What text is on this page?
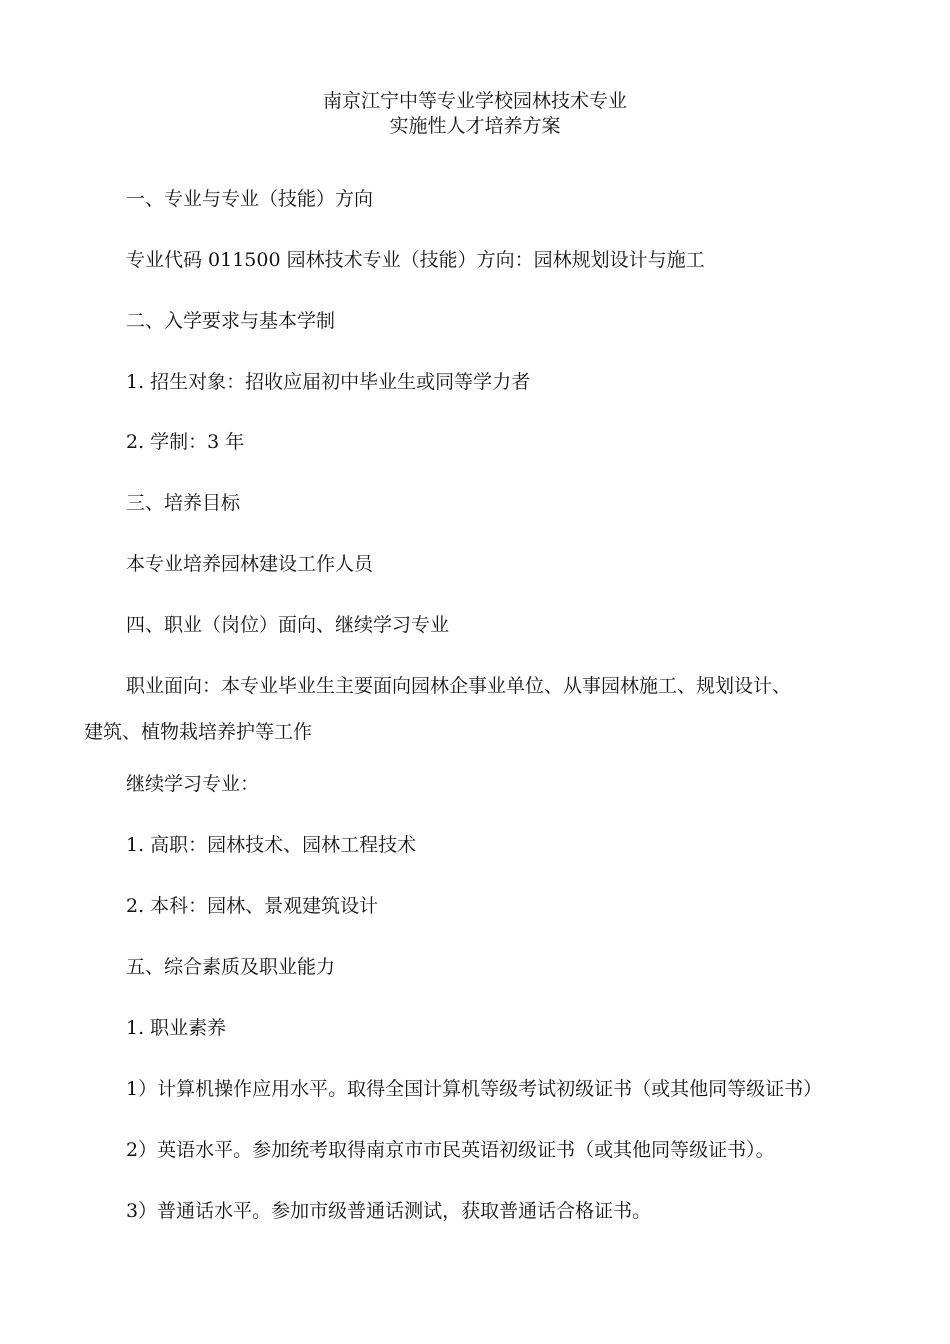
南京江宁中等专业学校园林技术专业
实施性人才培养方案
一、专业与专业（技能）方向
专业代码 011500 园林技术专业（技能）方向：园林规划设计与施工
二、入学要求与基本学制
1. 招生对象：招收应届初中毕业生或同等学力者
2. 学制：3 年
三、培养目标
本专业培养园林建设工作人员
四、职业（岗位）面向、继续学习专业
职业面向：本专业毕业生主要面向园林企事业单位、从事园林施工、规划设计、
建筑、植物栽培养护等工作
继续学习专业：
1. 高职：园林技术、园林工程技术
2. 本科：园林、景观建筑设计
五、综合素质及职业能力
1. 职业素养
1）计算机操作应用水平。取得全国计算机等级考试初级证书（或其他同等级证书）
2）英语水平。参加统考取得南京市市民英语初级证书（或其他同等级证书）。
3）普通话水平。参加市级普通话测试，获取普通话合格证书。
